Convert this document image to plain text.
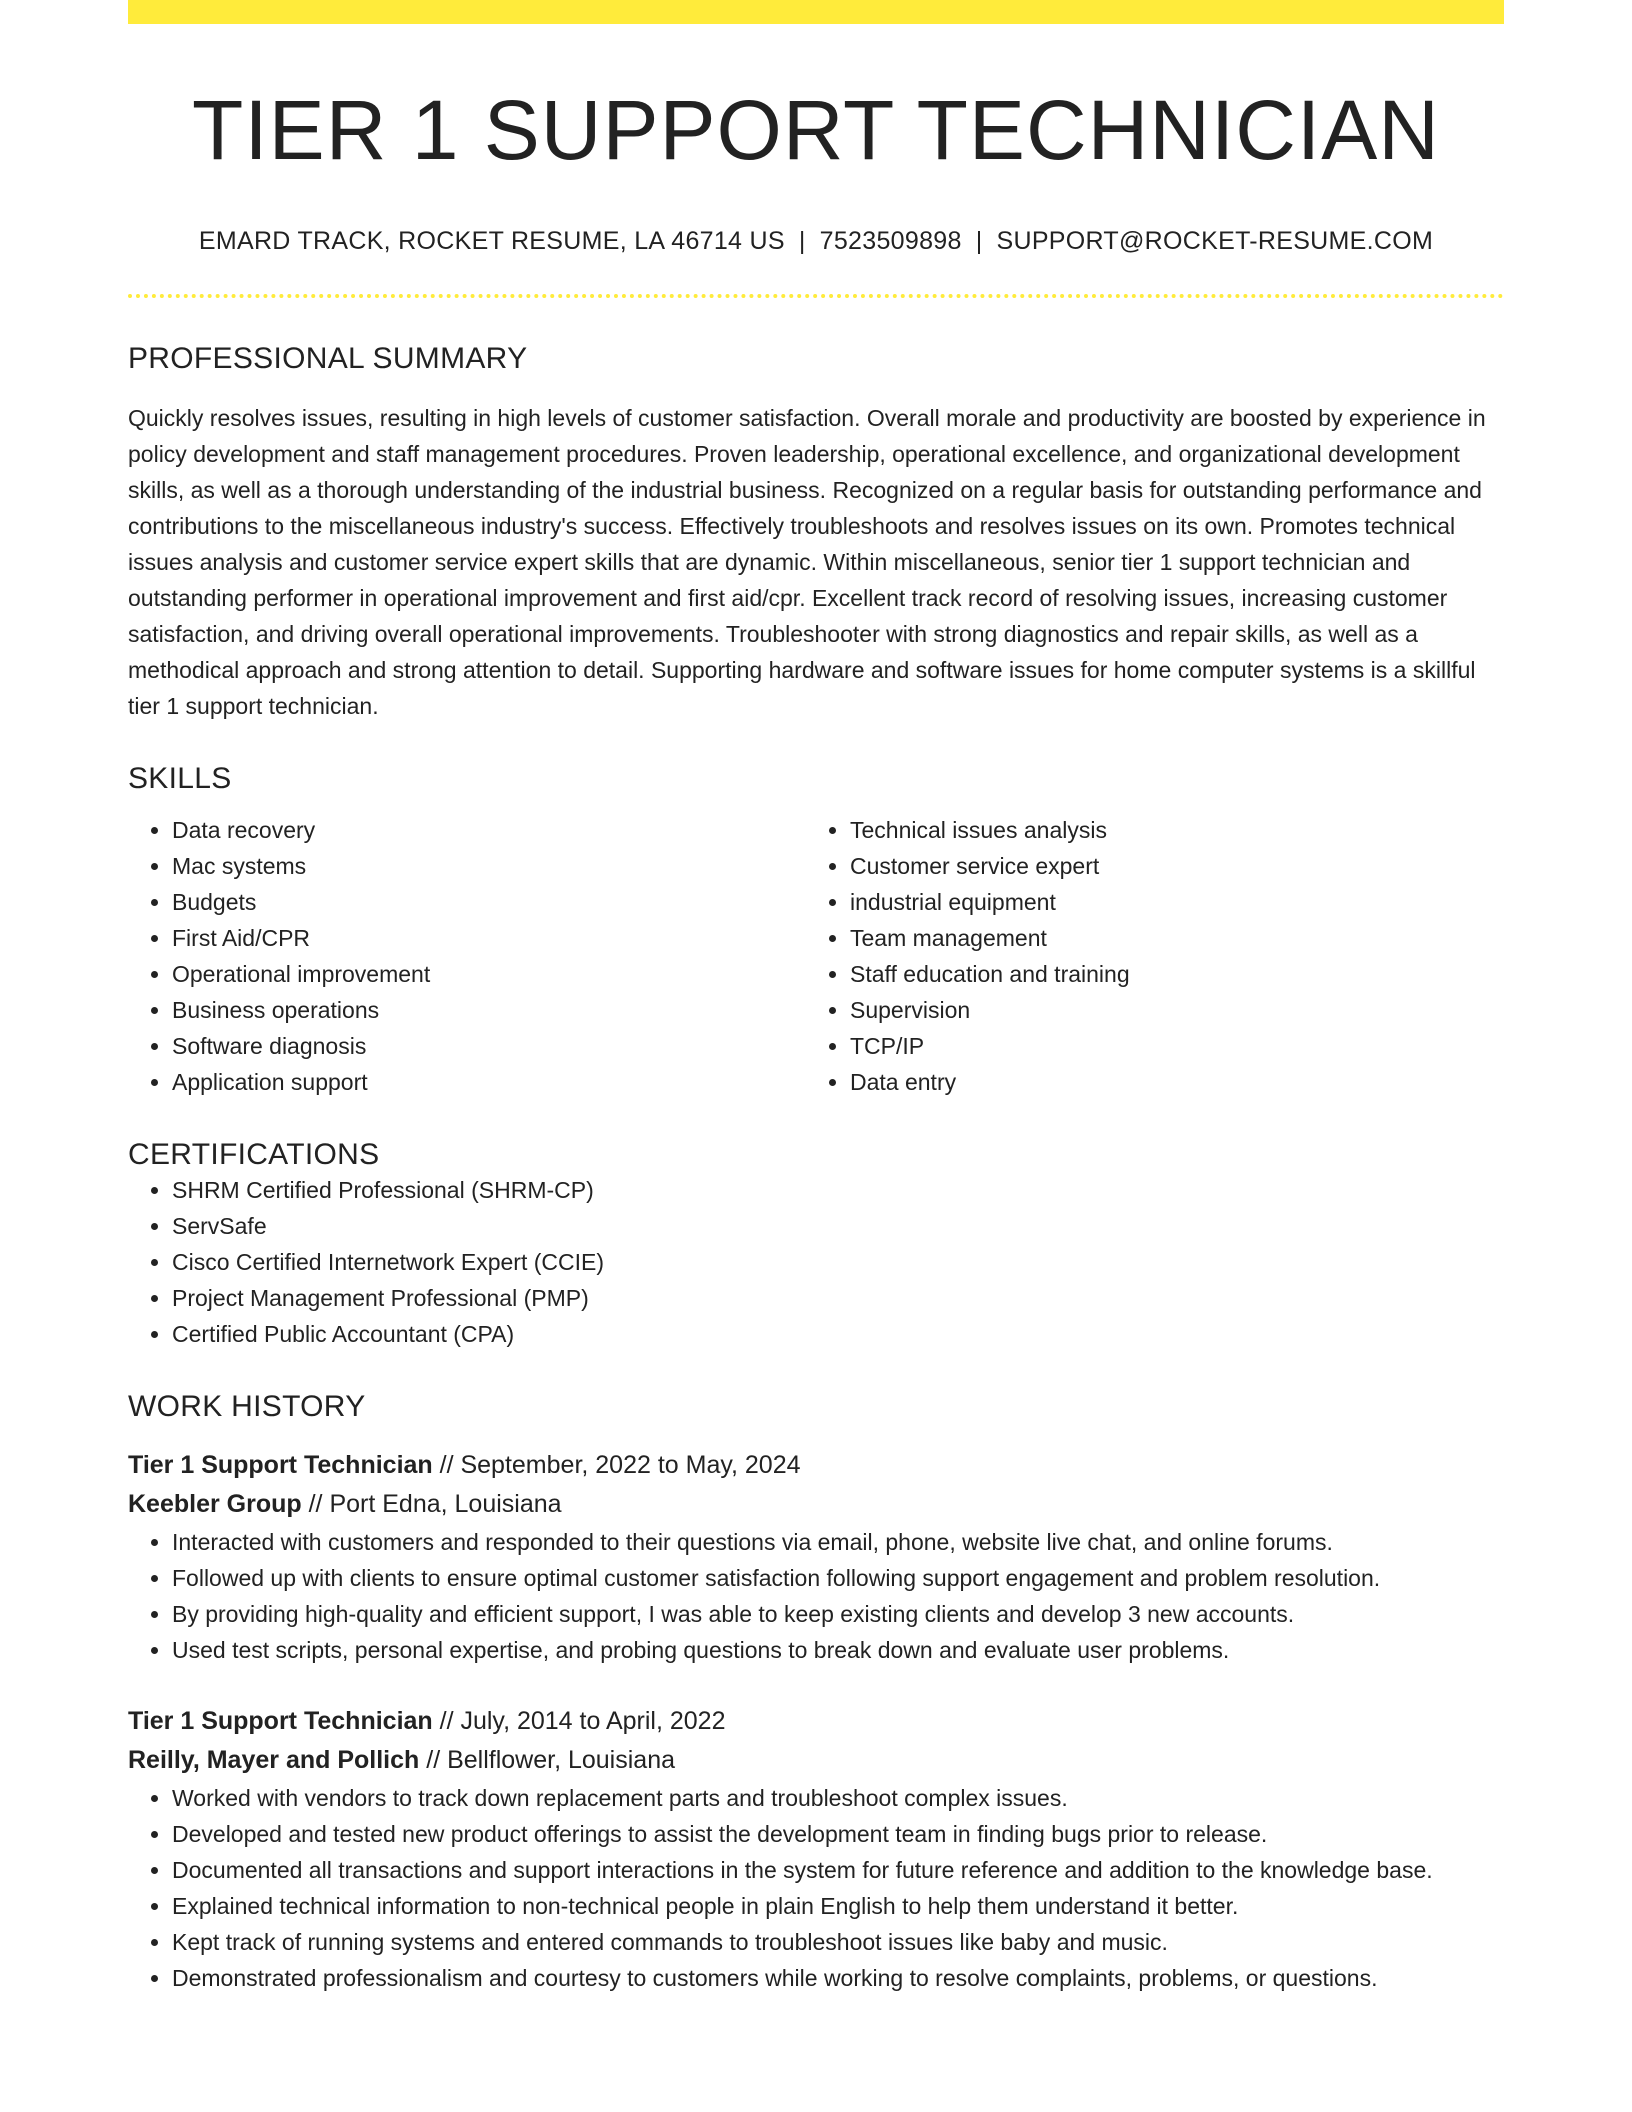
TIER 1 SUPPORT TECHNICIAN
EMARD TRACK, ROCKET RESUME, LA 46714 US | 7523509898 | SUPPORT@ROCKET-RESUME.COM
PROFESSIONAL SUMMARY

Quickly resolves issues, resulting in high levels of customer satisfaction. Overall morale and productivity are boosted by experience in policy development and staff management procedures. Proven leadership, operational excellence, and organizational development skills, as well as a thorough understanding of the industrial business. Recognized on a regular basis for outstanding performance and contributions to the miscellaneous industry's success. Effectively troubleshoots and resolves issues on its own. Promotes technical issues analysis and customer service expert skills that are dynamic. Within miscellaneous, senior tier 1 support technician and outstanding performer in operational improvement and first aid/cpr. Excellent track record of resolving issues, increasing customer satisfaction, and driving overall operational improvements. Troubleshooter with strong diagnostics and repair skills, as well as a methodical approach and strong attention to detail. Supporting hardware and software issues for home computer systems is a skillful tier 1 support technician.

SKILLS
• Data recovery
• Mac systems
• Budgets
• First Aid/CPR
• Operational improvement
• Business operations
• Software diagnosis
• Application support
• Technical issues analysis
• Customer service expert
• industrial equipment
• Team management
• Staff education and training
• Supervision
• TCP/IP
• Data entry
CERTIFICATIONS
• SHRM Certified Professional (SHRM-CP)
• ServSafe
• Cisco Certified Internetwork Expert (CCIE)
• Project Management Professional (PMP)
• Certified Public Accountant (CPA)
WORK HISTORY
Tier 1 Support Technician // September, 2022 to May, 2024
Keebler Group // Port Edna, Louisiana
• Interacted with customers and responded to their questions via email, phone, website live chat, and online forums.
• Followed up with clients to ensure optimal customer satisfaction following support engagement and problem resolution.
• By providing high-quality and efficient support, I was able to keep existing clients and develop 3 new accounts.
• Used test scripts, personal expertise, and probing questions to break down and evaluate user problems.
Tier 1 Support Technician // July, 2014 to April, 2022
Reilly, Mayer and Pollich // Bellflower, Louisiana
• Worked with vendors to track down replacement parts and troubleshoot complex issues.
• Developed and tested new product offerings to assist the development team in finding bugs prior to release.
• Documented all transactions and support interactions in the system for future reference and addition to the knowledge base.
• Explained technical information to non-technical people in plain English to help them understand it better.
• Kept track of running systems and entered commands to troubleshoot issues like baby and music.
• Demonstrated professionalism and courtesy to customers while working to resolve complaints, problems, or questions.
